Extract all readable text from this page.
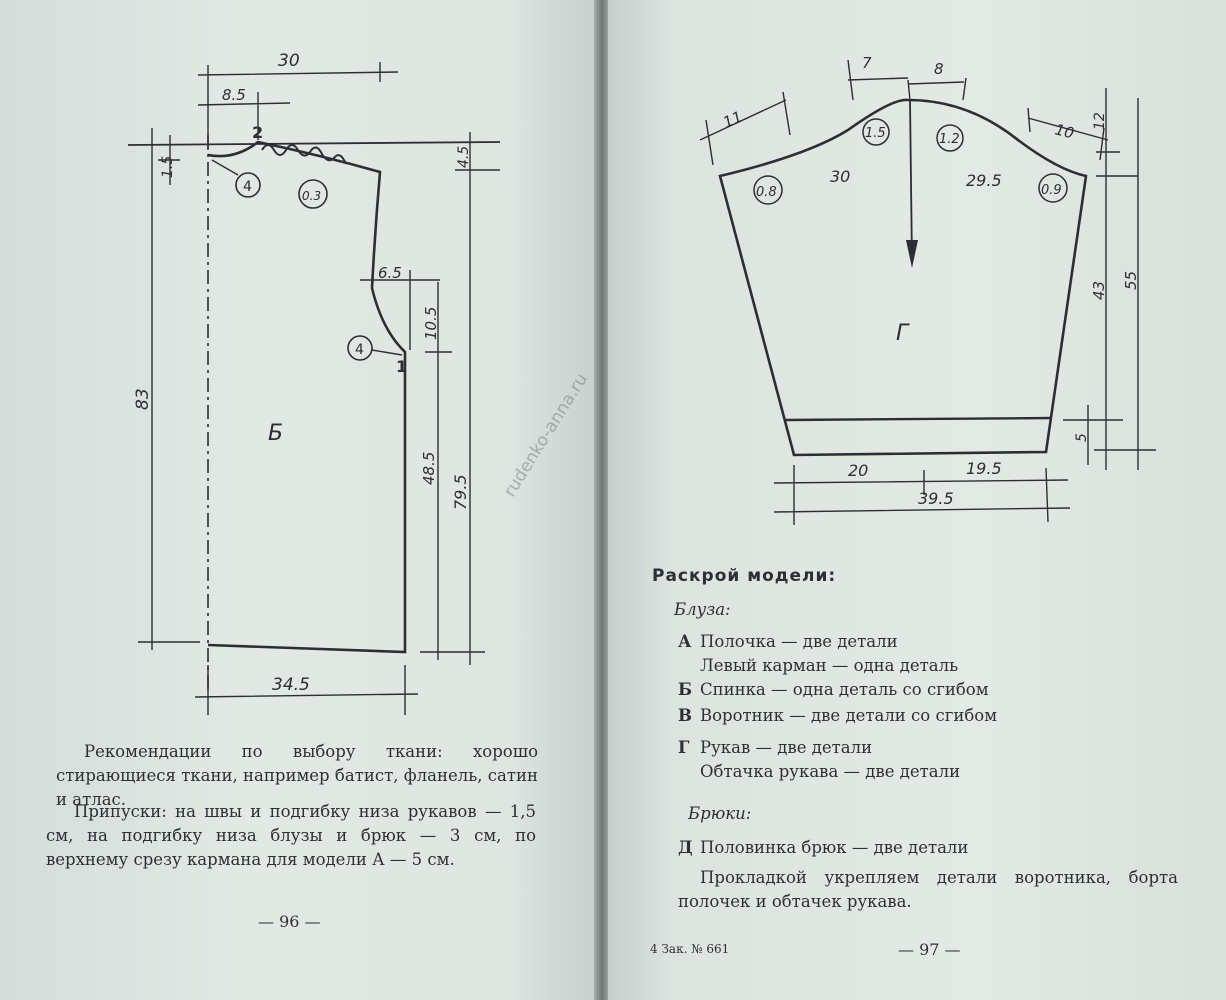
30
8.5
2
1.5	4.5
4
0.3
6.5
10.5
4
1
83
Б
48.5
79.5
34.5

Рекомендации по выбору ткани: хорошо стирающиеся ткани, например батист, фланель, сатин и атлас.

Припуски: на швы и подгибку низа рукавов — 1,5 см, на подгибку низа блузы и брюк — 3 см, по верхнему срезу кармана для модели А — 5 см.

— 96 —
0.8
1.5	1.2
0.9
7	8
11	10 12
30	29.5
43
55
Г
5
20	19.5
39.5
Раскрой модели:
Блуза:
А Полочка — две детали
Левый карман — одна деталь
Б Спинка — одна деталь со сгибом
В Воротник — две детали со сгибом
Г Рукав — две детали
Обтачка рукава — две детали
Брюки:
Д Половинка брюк — две детали

Прокладкой укрепляем детали воротника, борта полочек и обтачек рукава.

4 Зак. № 661	— 97 —
rudenko-anna.ru
